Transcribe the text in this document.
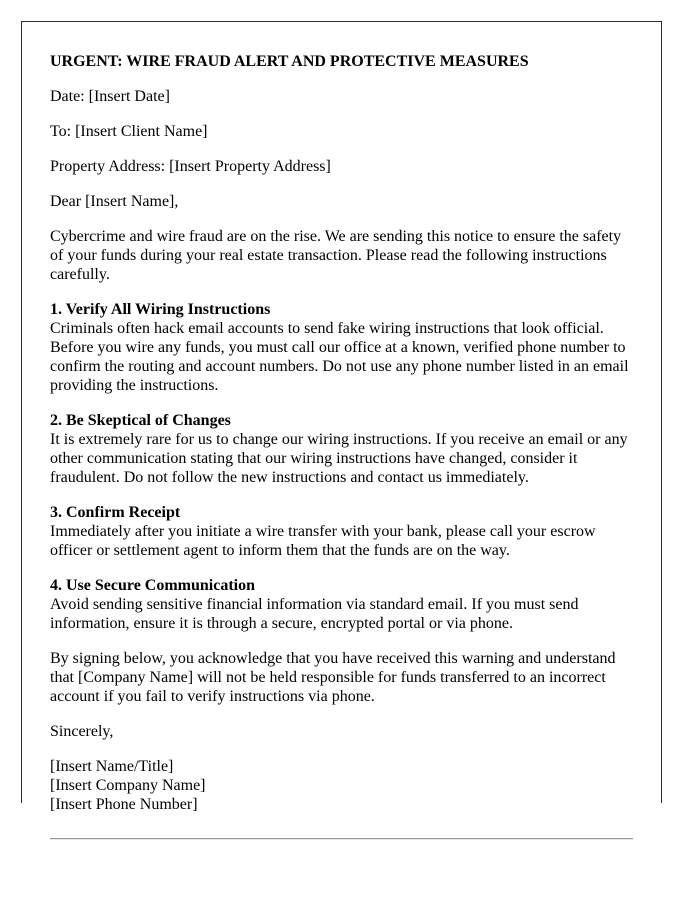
URGENT: WIRE FRAUD ALERT AND PROTECTIVE MEASURES

Date: [Insert Date]

To: [Insert Client Name]

Property Address: [Insert Property Address]

Dear [Insert Name],

Cybercrime and wire fraud are on the rise. We are sending this notice to ensure the safety of your funds during your real estate transaction. Please read the following instructions carefully.

1. Verify All Wiring Instructions
Criminals often hack email accounts to send fake wiring instructions that look official. Before you wire any funds, you must call our office at a known, verified phone number to confirm the routing and account numbers. Do not use any phone number listed in an email providing the instructions.

2. Be Skeptical of Changes
It is extremely rare for us to change our wiring instructions. If you receive an email or any other communication stating that our wiring instructions have changed, consider it fraudulent. Do not follow the new instructions and contact us immediately.

3. Confirm Receipt
Immediately after you initiate a wire transfer with your bank, please call your escrow officer or settlement agent to inform them that the funds are on the way.

4. Use Secure Communication
Avoid sending sensitive financial information via standard email. If you must send information, ensure it is through a secure, encrypted portal or via phone.

By signing below, you acknowledge that you have received this warning and understand that [Company Name] will not be held responsible for funds transferred to an incorrect account if you fail to verify instructions via phone.

Sincerely,

[Insert Name/Title]
[Insert Company Name]
[Insert Phone Number]
